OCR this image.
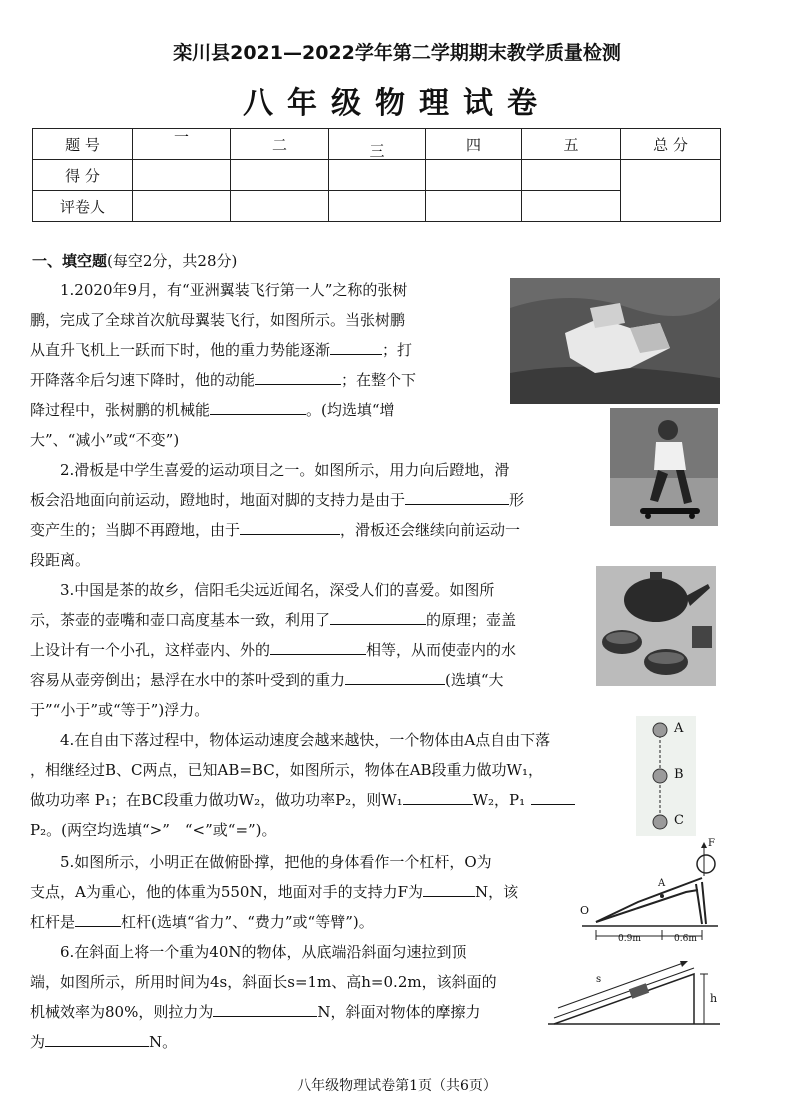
栾川县2021—2022学年第二学期期末教学质量检测
八年级物理试卷
题 号	一	二	三	四	五	总 分
得 分						
评卷人						
一、填空题(每空2分，共28分)
1.2020年9月，有“亚洲翼装飞行第一人”之称的张树
鹏，完成了全球首次航母翼装飞行，如图所示。当张树鹏
从直升飞机上一跃而下时，他的重力势能逐渐	；打
开降落伞后匀速下降时，他的动能	；在整个下
降过程中，张树鹏的机械能	。(均选填“增
大”、“减小”或“不变”)
2.滑板是中学生喜爱的运动项目之一。如图所示，用力向后蹬地，滑
板会沿地面向前运动，蹬地时，地面对脚的支持力是由于	形
变产生的；当脚不再蹬地，由于	，滑板还会继续向前运动一
段距离。
3.中国是茶的故乡，信阳毛尖远近闻名，深受人们的喜爱。如图所
示，茶壶的壶嘴和壶口高度基本一致，利用了	的原理；壶盖
上设计有一个小孔，这样壶内、外的	相等，从而使壶内的水
容易从壶旁倒出；悬浮在水中的茶叶受到的重力	(选填“大
于”“小于”或“等于”)浮力。
4.在自由下落过程中，物体运动速度会越来越快，一个物体由A点自由下落
，相继经过B、C两点，已知AB=BC，如图所示，物体在AB段重力做功W₁，
做功功率 P₁；在BC段重力做功W₂，做功功率P₂，则W₁	W₂，P₁
P₂。(两空均选填“>”　“<”或“=”)。
A
B
C
5.如图所示，小明正在做俯卧撑，把他的身体看作一个杠杆，O为
支点，A为重心，他的体重为550N，地面对手的支持力F为	N，该
杠杆是	杠杆(选填“省力”、“费力”或“等臂”)。
O
A
F
0.9m	0.6m
6.在斜面上将一个重为40N的物体，从底端沿斜面匀速拉到顶
端，如图所示，所用时间为4s，斜面长s=1m、高h=0.2m，该斜面的
机械效率为80%，则拉力为	N，斜面对物体的摩擦力
为	N。
s
h
八年级物理试卷第1页（共6页）
